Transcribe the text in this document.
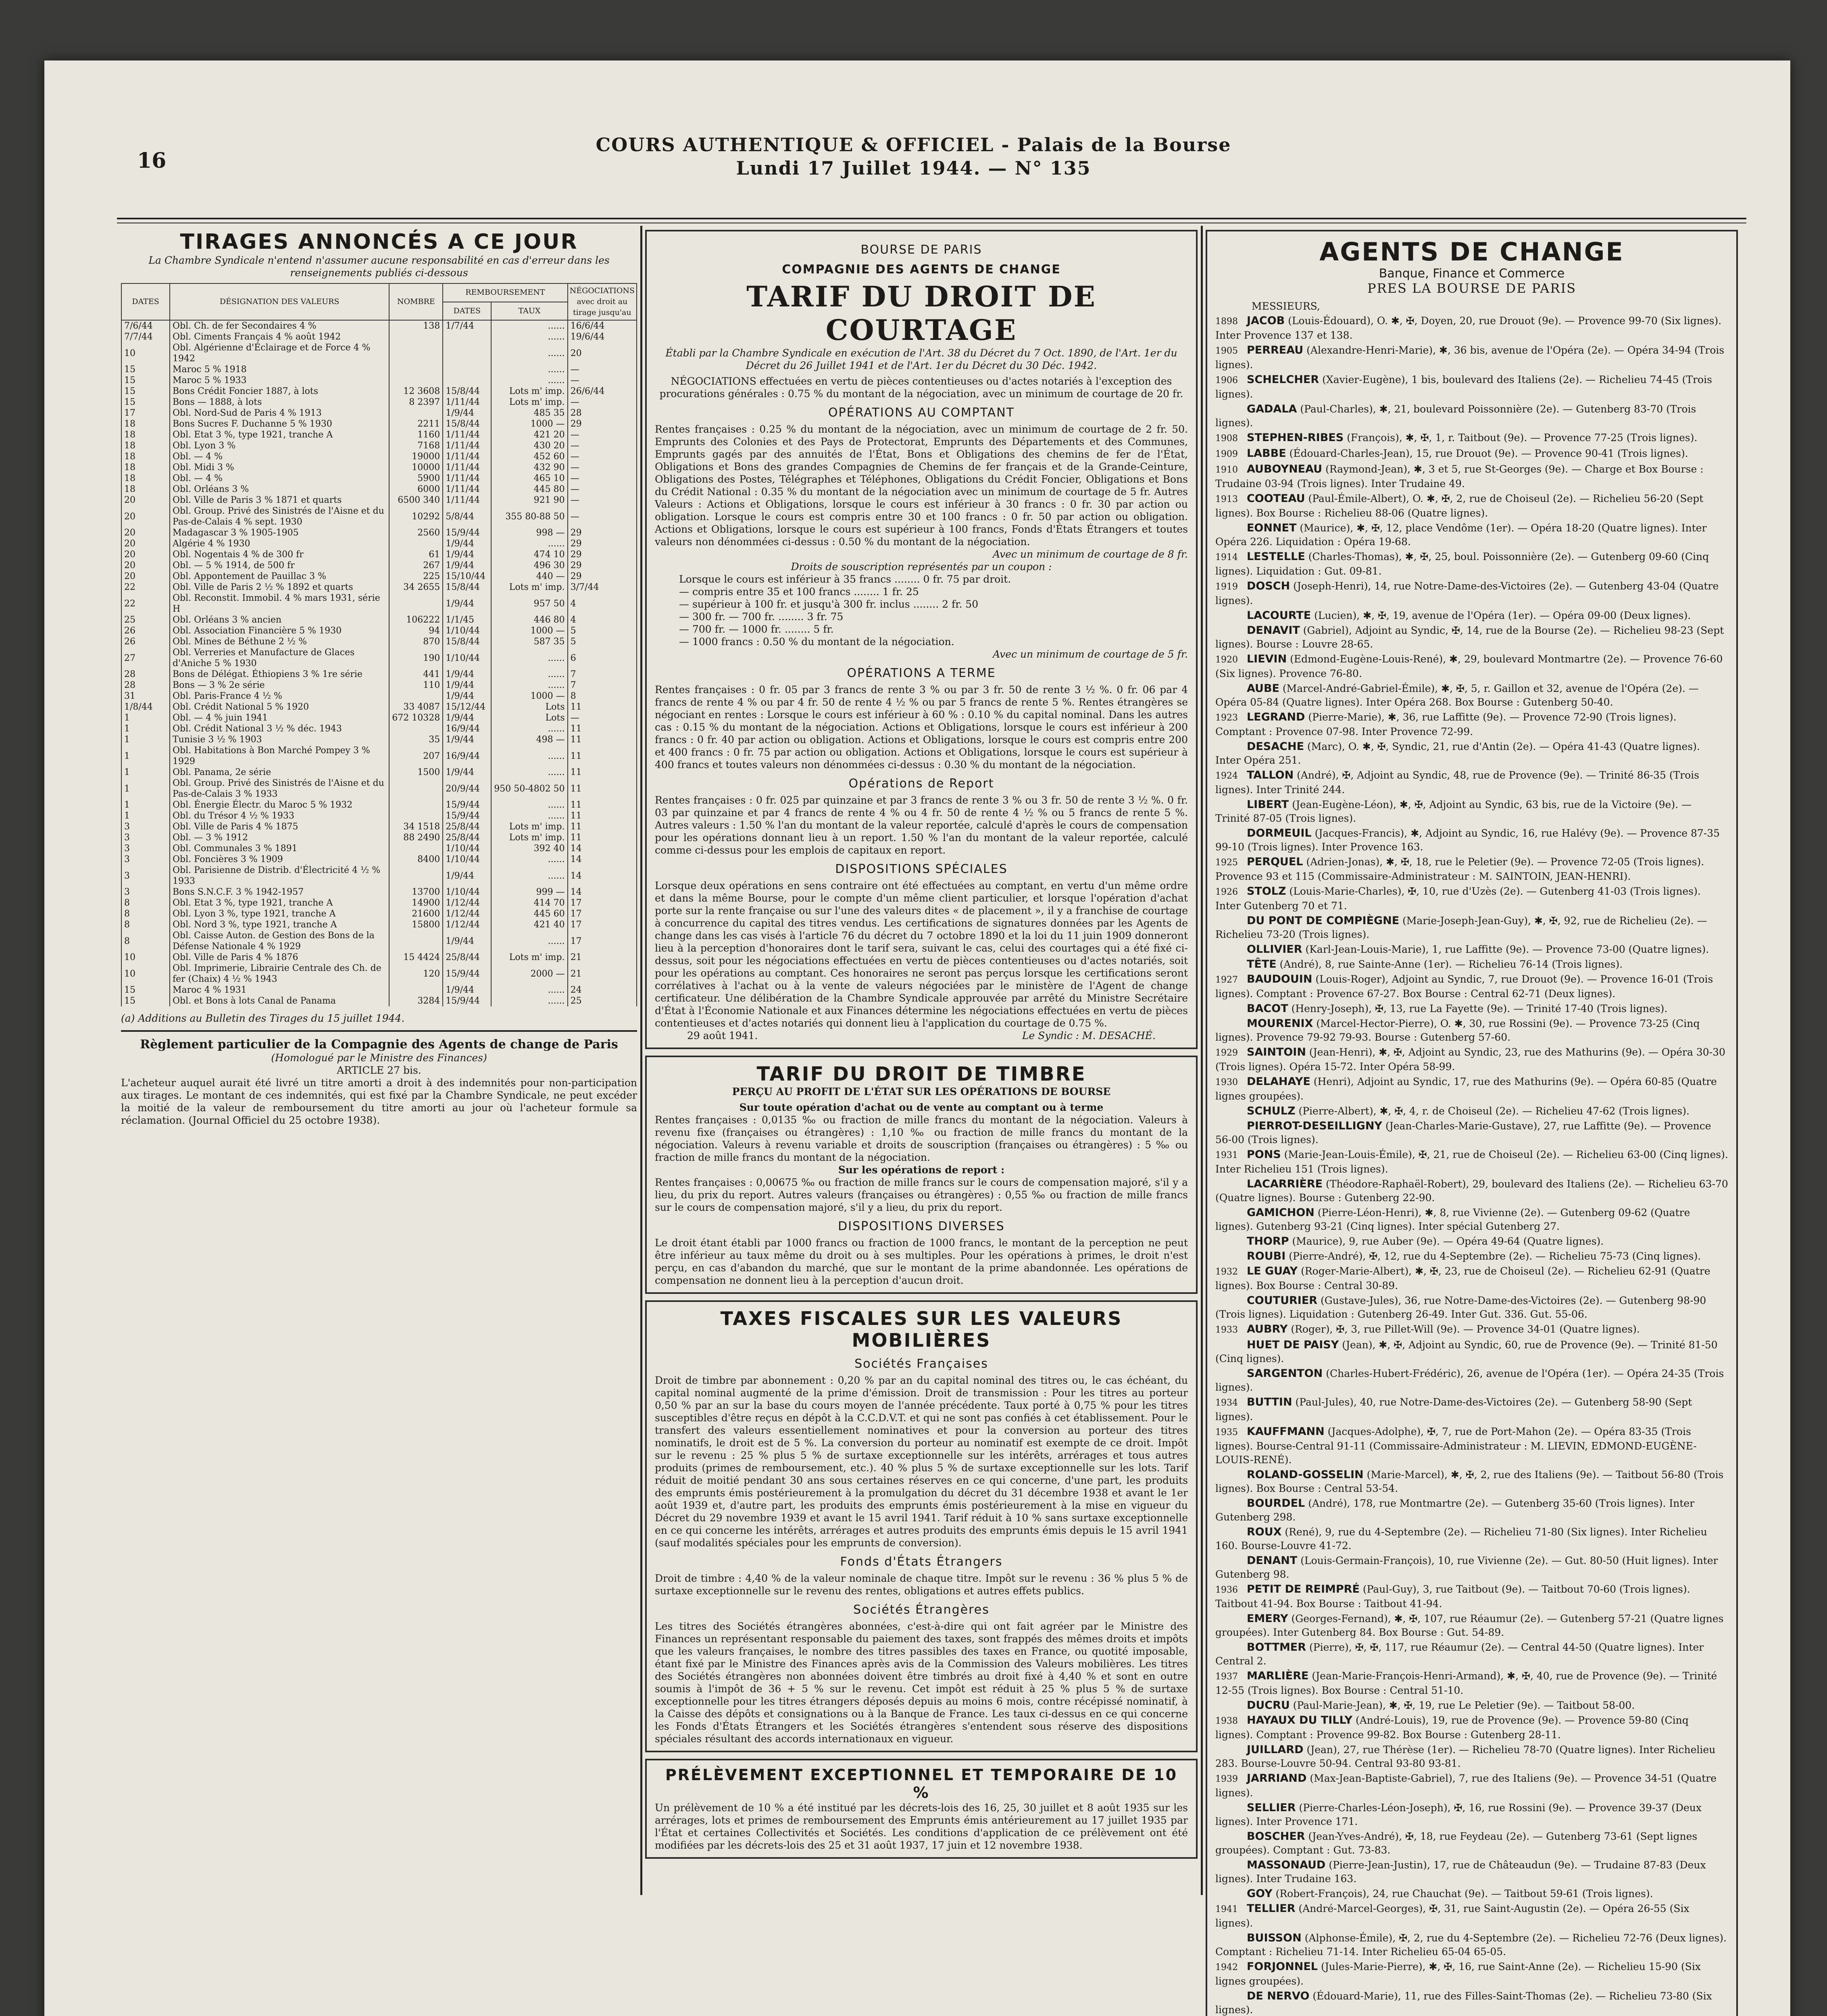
16
COURS AUTHENTIQUE & OFFICIEL - Palais de la Bourse
Lundi 17 Juillet 1944. — N° 135
TIRAGES ANNONCÉS A CE JOUR
La Chambre Syndicale n'entend n'assumer aucune responsabilité en cas d'erreur dans les renseignements publiés ci-dessous
DATES	DÉSIGNATION DES VALEURS	NOMBRE	REMBOURSEMENT		NÉGOCIATIONS avec droit au tirage jusqu'au
			DATES	TAUX	
7/6/44	Obl. Ch. de fer Secondaires 4 %	138	1/7/44	......	16/6/44
7/7/44	Obl. Ciments Français 4 % août 1942			......	19/6/44
10	Obl. Algérienne d'Éclairage et de Force 4 % 1942			......	20
15	Maroc 5 % 1918			......	—
15	Maroc 5 % 1933			......	—
15	Bons Crédit Foncier 1887, à lots	12 3608	15/8/44	Lots m' imp.	26/6/44
15	Bons — 1888, à lots	8 2397	1/11/44	Lots m' imp.	—
17	Obl. Nord-Sud de Paris 4 % 1913		1/9/44	485 35	28
18	Bons Sucres F. Duchanne 5 % 1930	2211	15/8/44	1000 —	29
18	Obl. Etat 3 %, type 1921, tranche A	1160	1/11/44	421 20	—
18	Obl. Lyon 3 %	7168	1/11/44	430 20	—
18	Obl. — 4 %	19000	1/11/44	452 60	—
18	Obl. Midi 3 %	10000	1/11/44	432 90	—
18	Obl. — 4 %	5900	1/11/44	465 10	—
18	Obl. Orléans 3 %	6000	1/11/44	445 80	—
20	Obl. Ville de Paris 3 % 1871 et quarts	6500 340	1/11/44	921 90	—
20	Obl. Group. Privé des Sinistrés de l'Aisne et du Pas-de-Calais 4 % sept. 1930	10292	5/8/44	355 80-88 50	—
20	Madagascar 3 % 1905-1905	2560	15/9/44	998 —	29
20	Algérie 4 % 1930		1/9/44	......	29
20	Obl. Nogentais 4 % de 300 fr	61	1/9/44	474 10	29
20	Obl. — 5 % 1914, de 500 fr	267	1/9/44	496 30	29
20	Obl. Appontement de Pauillac 3 %	225	15/10/44	440 —	29
22	Obl. Ville de Paris 2 ½ % 1892 et quarts	34 2655	15/8/44	Lots m' imp.	3/7/44
22	Obl. Reconstit. Immobil. 4 % mars 1931, série H		1/9/44	957 50	4
25	Obl. Orléans 3 % ancien	106222	1/1/45	446 80	4
26	Obl. Association Financière 5 % 1930	94	1/10/44	1000 —	5
26	Obl. Mines de Béthune 2 ½ %	870	15/8/44	587 35	5
27	Obl. Verreries et Manufacture de Glaces d'Aniche 5 % 1930	190	1/10/44	......	6
28	Bons de Délégat. Éthiopiens 3 % 1re série	441	1/9/44	......	7
28	Bons — 3 % 2e série	110	1/9/44	......	7
31	Obl. Paris-France 4 ½ %		1/9/44	1000 —	8
1/8/44	Obl. Crédit National 5 % 1920	33 4087	15/12/44	Lots	11
1	Obl. — 4 % juin 1941	672 10328	1/9/44	Lots	—
1	Obl. Crédit National 3 ½ % déc. 1943		16/9/44	......	11
1	Tunisie 3 ½ % 1903	35	1/9/44	498 —	11
1	Obl. Habitations à Bon Marché Pompey 3 % 1929	207	16/9/44	......	11
1	Obl. Panama, 2e série	1500	1/9/44	......	11
1	Obl. Group. Privé des Sinistrés de l'Aisne et du Pas-de-Calais 3 % 1933		20/9/44	950 50-4802 50	11
1	Obl. Énergie Électr. du Maroc 5 % 1932		15/9/44	......	11
1	Obl. du Trésor 4 ½ % 1933		15/9/44	......	11
3	Obl. Ville de Paris 4 % 1875	34 1518	25/8/44	Lots m' imp.	11
3	Obl. — 3 % 1912	88 2490	25/8/44	Lots m' imp.	11
3	Obl. Communales 3 % 1891		1/10/44	392 40	14
3	Obl. Foncières 3 % 1909	8400	1/10/44	......	14
3	Obl. Parisienne de Distrib. d'Électricité 4 ½ % 1933		1/9/44	......	14
3	Bons S.N.C.F. 3 % 1942-1957	13700	1/10/44	999 —	14
8	Obl. Etat 3 %, type 1921, tranche A	14900	1/12/44	414 70	17
8	Obl. Lyon 3 %, type 1921, tranche A	21600	1/12/44	445 60	17
8	Obl. Nord 3 %, type 1921, tranche A	15800	1/12/44	421 40	17
8	Obl. Caisse Auton. de Gestion des Bons de la Défense Nationale 4 % 1929		1/9/44	......	17
10	Obl. Ville de Paris 4 % 1876	15 4424	25/8/44	Lots m' imp.	21
10	Obl. Imprimerie, Librairie Centrale des Ch. de fer (Chaix) 4 ½ % 1943	120	15/9/44	2000 —	21
15	Maroc 4 % 1931		1/9/44	......	24
15	Obl. et Bons à lots Canal de Panama	3284	15/9/44	......	25
(a) Additions au Bulletin des Tirages du 15 juillet 1944.
Règlement particulier de la Compagnie des Agents de change de Paris
(Homologué par le Ministre des Finances)
ARTICLE 27 bis.
L'acheteur auquel aurait été livré un titre amorti a droit à des indemnités pour non-participation aux tirages. Le montant de ces indemnités, qui est fixé par la Chambre Syndicale, ne peut excéder la moitié de la valeur de remboursement du titre amorti au jour où l'acheteur formule sa réclamation. (Journal Officiel du 25 octobre 1938).
BOURSE DE PARIS
COMPAGNIE DES AGENTS DE CHANGE
TARIF DU DROIT DE COURTAGE
Établi par la Chambre Syndicale en exécution de l'Art. 38 du Décret du 7 Oct. 1890, de l'Art. 1er du Décret du 26 Juillet 1941 et de l'Art. 1er du Décret du 30 Déc. 1942.
NÉGOCIATIONS effectuées en vertu de pièces contentieuses ou d'actes notariés à l'exception des procurations générales : 0.75 % du montant de la négociation, avec un minimum de courtage de 20 fr.
OPÉRATIONS AU COMPTANT
Rentes françaises : 0.25 % du montant de la négociation, avec un minimum de courtage de 2 fr. 50. Emprunts des Colonies et des Pays de Protectorat, Emprunts des Départements et des Communes, Emprunts gagés par des annuités de l'État, Bons et Obligations des chemins de fer de l'État, Obligations et Bons des grandes Compagnies de Chemins de fer français et de la Grande-Ceinture, Obligations des Postes, Télégraphes et Téléphones, Obligations du Crédit Foncier, Obligations et Bons du Crédit National : 0.35 % du montant de la négociation avec un minimum de courtage de 5 fr. Autres Valeurs : Actions et Obligations, lorsque le cours est inférieur à 30 francs : 0 fr. 30 par action ou obligation. Lorsque le cours est compris entre 30 et 100 francs : 0 fr. 50 par action ou obligation. Actions et Obligations, lorsque le cours est supérieur à 100 francs, Fonds d'États Étrangers et toutes valeurs non dénommées ci-dessus : 0.50 % du montant de la négociation.
Avec un minimum de courtage de 8 fr.
Droits de souscription représentés par un coupon :
Lorsque le cours est inférieur à 35 francs ........ 0 fr. 75 par droit.
— compris entre 35 et 100 francs ........ 1 fr. 25
— supérieur à 100 fr. et jusqu'à 300 fr. inclus ........ 2 fr. 50
— 300 fr. — 700 fr. ........ 3 fr. 75
— 700 fr. — 1000 fr. ........ 5 fr.
— 1000 francs : 0.50 % du montant de la négociation.
Avec un minimum de courtage de 5 fr.
OPÉRATIONS A TERME
Rentes françaises : 0 fr. 05 par 3 francs de rente 3 % ou par 3 fr. 50 de rente 3 ½ %. 0 fr. 06 par 4 francs de rente 4 % ou par 4 fr. 50 de rente 4 ½ % ou par 5 francs de rente 5 %. Rentes étrangères se négociant en rentes : Lorsque le cours est inférieur à 60 % : 0.10 % du capital nominal. Dans les autres cas : 0.15 % du montant de la négociation. Actions et Obligations, lorsque le cours est inférieur à 200 francs : 0 fr. 40 par action ou obligation. Actions et Obligations, lorsque le cours est compris entre 200 et 400 francs : 0 fr. 75 par action ou obligation. Actions et Obligations, lorsque le cours est supérieur à 400 francs et toutes valeurs non dénommées ci-dessus : 0.30 % du montant de la négociation.
Opérations de Report
Rentes françaises : 0 fr. 025 par quinzaine et par 3 francs de rente 3 % ou 3 fr. 50 de rente 3 ½ %. 0 fr. 03 par quinzaine et par 4 francs de rente 4 % ou 4 fr. 50 de rente 4 ½ % ou 5 francs de rente 5 %. Autres valeurs : 1.50 % l'an du montant de la valeur reportée, calculé d'après le cours de compensation pour les opérations donnant lieu à un report. 1.50 % l'an du montant de la valeur reportée, calculé comme ci-dessus pour les emplois de capitaux en report.
DISPOSITIONS SPÉCIALES
Lorsque deux opérations en sens contraire ont été effectuées au comptant, en vertu d'un même ordre et dans la même Bourse, pour le compte d'un même client particulier, et lorsque l'opération d'achat porte sur la rente française ou sur l'une des valeurs dites « de placement », il y a franchise de courtage à concurrence du capital des titres vendus. Les certifications de signatures données par les Agents de change dans les cas visés à l'article 76 du décret du 7 octobre 1890 et la loi du 11 juin 1909 donneront lieu à la perception d'honoraires dont le tarif sera, suivant le cas, celui des courtages qui a été fixé ci-dessus, soit pour les négociations effectuées en vertu de pièces contentieuses ou d'actes notariés, soit pour les opérations au comptant. Ces honoraires ne seront pas perçus lorsque les certifications seront corrélatives à l'achat ou à la vente de valeurs négociées par le ministère de l'Agent de change certificateur. Une délibération de la Chambre Syndicale approuvée par arrêté du Ministre Secrétaire d'État à l'Économie Nationale et aux Finances détermine les négociations effectuées en vertu de pièces contentieuses et d'actes notariés qui donnent lieu à l'application du courtage de 0.75 %.
29 août 1941.	Le Syndic : M. DESACHÉ.
TARIF DU DROIT DE TIMBRE
PERÇU AU PROFIT DE L'ÉTAT SUR LES OPÉRATIONS DE BOURSE
Sur toute opération d'achat ou de vente au comptant ou à terme
Rentes françaises : 0,0135 ‰ ou fraction de mille francs du montant de la négociation. Valeurs à revenu fixe (françaises ou étrangères) : 1,10 ‰ ou fraction de mille francs du montant de la négociation. Valeurs à revenu variable et droits de souscription (françaises ou étrangères) : 5 ‰ ou fraction de mille francs du montant de la négociation.
Sur les opérations de report :
Rentes françaises : 0,00675 ‰ ou fraction de mille francs sur le cours de compensation majoré, s'il y a lieu, du prix du report. Autres valeurs (françaises ou étrangères) : 0,55 ‰ ou fraction de mille francs sur le cours de compensation majoré, s'il y a lieu, du prix du report.
DISPOSITIONS DIVERSES
Le droit étant établi par 1000 francs ou fraction de 1000 francs, le montant de la perception ne peut être inférieur au taux même du droit ou à ses multiples. Pour les opérations à primes, le droit n'est perçu, en cas d'abandon du marché, que sur le montant de la prime abandonnée. Les opérations de compensation ne donnent lieu à la perception d'aucun droit.
TAXES FISCALES SUR LES VALEURS MOBILIÈRES
Sociétés Françaises
Droit de timbre par abonnement : 0,20 % par an du capital nominal des titres ou, le cas échéant, du capital nominal augmenté de la prime d'émission. Droit de transmission : Pour les titres au porteur 0,50 % par an sur la base du cours moyen de l'année précédente. Taux porté à 0,75 % pour les titres susceptibles d'être reçus en dépôt à la C.C.D.V.T. et qui ne sont pas confiés à cet établissement. Pour le transfert des valeurs essentiellement nominatives et pour la conversion au porteur des titres nominatifs, le droit est de 5 %. La conversion du porteur au nominatif est exempte de ce droit. Impôt sur le revenu : 25 % plus 5 % de surtaxe exceptionnelle sur les intérêts, arrérages et tous autres produits (primes de remboursement, etc.). 40 % plus 5 % de surtaxe exceptionnelle sur les lots. Tarif réduit de moitié pendant 30 ans sous certaines réserves en ce qui concerne, d'une part, les produits des emprunts émis postérieurement à la promulgation du décret du 31 décembre 1938 et avant le 1er août 1939 et, d'autre part, les produits des emprunts émis postérieurement à la mise en vigueur du Décret du 29 novembre 1939 et avant le 15 avril 1941. Tarif réduit à 10 % sans surtaxe exceptionnelle en ce qui concerne les intérêts, arrérages et autres produits des emprunts émis depuis le 15 avril 1941 (sauf modalités spéciales pour les emprunts de conversion).
Fonds d'États Étrangers
Droit de timbre : 4,40 % de la valeur nominale de chaque titre. Impôt sur le revenu : 36 % plus 5 % de surtaxe exceptionnelle sur le revenu des rentes, obligations et autres effets publics.
Sociétés Étrangères
Les titres des Sociétés étrangères abonnées, c'est-à-dire qui ont fait agréer par le Ministre des Finances un représentant responsable du paiement des taxes, sont frappés des mêmes droits et impôts que les valeurs françaises, le nombre des titres passibles des taxes en France, ou quotité imposable, étant fixé par le Ministre des Finances après avis de la Commission des Valeurs mobilières. Les titres des Sociétés étrangères non abonnées doivent être timbrés au droit fixé à 4,40 % et sont en outre soumis à l'impôt de 36 + 5 % sur le revenu. Cet impôt est réduit à 25 % plus 5 % de surtaxe exceptionnelle pour les titres étrangers déposés depuis au moins 6 mois, contre récépissé nominatif, à la Caisse des dépôts et consignations ou à la Banque de France. Les taux ci-dessus en ce qui concerne les Fonds d'États Étrangers et les Sociétés étrangères s'entendent sous réserve des dispositions spéciales résultant des accords internationaux en vigueur.
PRÉLÈVEMENT EXCEPTIONNEL ET TEMPORAIRE DE 10 %
Un prélèvement de 10 % a été institué par les décrets-lois des 16, 25, 30 juillet et 8 août 1935 sur les arrérages, lots et primes de remboursement des Emprunts émis antérieurement au 17 juillet 1935 par l'État et certaines Collectivités et Sociétés. Les conditions d'application de ce prélèvement ont été modifiées par les décrets-lois des 25 et 31 août 1937, 17 juin et 12 novembre 1938.
AGENTS DE CHANGE
Banque, Finance et Commerce
PRES LA BOURSE DE PARIS
MESSIEURS,
1898 JACOB (Louis-Édouard), O. ✱, ✠, Doyen, 20, rue Drouot (9e). — Provence 99-70 (Six lignes). Inter Provence 137 et 138.
1905 PERREAU (Alexandre-Henri-Marie), ✱, 36 bis, avenue de l'Opéra (2e). — Opéra 34-94 (Trois lignes).
1906 SCHELCHER (Xavier-Eugène), 1 bis, boulevard des Italiens (2e). — Richelieu 74-45 (Trois lignes).
GADALA (Paul-Charles), ✱, 21, boulevard Poissonnière (2e). — Gutenberg 83-70 (Trois lignes).
1908 STEPHEN-RIBES (François), ✱, ✠, 1, r. Taitbout (9e). — Provence 77-25 (Trois lignes).
1909 LABBE (Édouard-Charles-Jean), 15, rue Drouot (9e). — Provence 90-41 (Trois lignes).
1910 AUBOYNEAU (Raymond-Jean), ✱, 3 et 5, rue St-Georges (9e). — Charge et Box Bourse : Trudaine 03-94 (Trois lignes). Inter Trudaine 49.
1913 COOTEAU (Paul-Émile-Albert), O. ✱, ✠, 2, rue de Choiseul (2e). — Richelieu 56-20 (Sept lignes). Box Bourse : Richelieu 88-06 (Quatre lignes).
EONNET (Maurice), ✱, ✠, 12, place Vendôme (1er). — Opéra 18-20 (Quatre lignes). Inter Opéra 226. Liquidation : Opéra 19-68.
1914 LESTELLE (Charles-Thomas), ✱, ✠, 25, boul. Poissonnière (2e). — Gutenberg 09-60 (Cinq lignes). Liquidation : Gut. 09-81.
1919 DOSCH (Joseph-Henri), 14, rue Notre-Dame-des-Victoires (2e). — Gutenberg 43-04 (Quatre lignes).
LACOURTE (Lucien), ✱, ✠, 19, avenue de l'Opéra (1er). — Opéra 09-00 (Deux lignes).
DENAVIT (Gabriel), Adjoint au Syndic, ✠, 14, rue de la Bourse (2e). — Richelieu 98-23 (Sept lignes). Bourse : Louvre 28-65.
1920 LIEVIN (Edmond-Eugène-Louis-René), ✱, 29, boulevard Montmartre (2e). — Provence 76-60 (Six lignes). Provence 76-80.
AUBE (Marcel-André-Gabriel-Émile), ✱, ✠, 5, r. Gaillon et 32, avenue de l'Opéra (2e). — Opéra 05-84 (Quatre lignes). Inter Opéra 268. Box Bourse : Gutenberg 50-40.
1923 LEGRAND (Pierre-Marie), ✱, 36, rue Laffitte (9e). — Provence 72-90 (Trois lignes). Comptant : Provence 07-98. Inter Provence 72-99.
DESACHE (Marc), O. ✱, ✠, Syndic, 21, rue d'Antin (2e). — Opéra 41-43 (Quatre lignes). Inter Opéra 251.
1924 TALLON (André), ✠, Adjoint au Syndic, 48, rue de Provence (9e). — Trinité 86-35 (Trois lignes). Inter Trinité 244.
LIBERT (Jean-Eugène-Léon), ✱, ✠, Adjoint au Syndic, 63 bis, rue de la Victoire (9e). — Trinité 87-05 (Trois lignes).
DORMEUIL (Jacques-Francis), ✱, Adjoint au Syndic, 16, rue Halévy (9e). — Provence 87-35 99-10 (Trois lignes). Inter Provence 163.
1925 PERQUEL (Adrien-Jonas), ✱, ✠, 18, rue le Peletier (9e). — Provence 72-05 (Trois lignes). Provence 93 et 115 (Commissaire-Administrateur : M. SAINTOIN, JEAN-HENRI).
1926 STOLZ (Louis-Marie-Charles), ✠, 10, rue d'Uzès (2e). — Gutenberg 41-03 (Trois lignes). Inter Gutenberg 70 et 71.
DU PONT DE COMPIÈGNE (Marie-Joseph-Jean-Guy), ✱, ✠, 92, rue de Richelieu (2e). — Richelieu 73-20 (Trois lignes).
OLLIVIER (Karl-Jean-Louis-Marie), 1, rue Laffitte (9e). — Provence 73-00 (Quatre lignes).
TÊTE (André), 8, rue Sainte-Anne (1er). — Richelieu 76-14 (Trois lignes).
1927 BAUDOUIN (Louis-Roger), Adjoint au Syndic, 7, rue Drouot (9e). — Provence 16-01 (Trois lignes). Comptant : Provence 67-27. Box Bourse : Central 62-71 (Deux lignes).
BACOT (Henry-Joseph), ✠, 13, rue La Fayette (9e). — Trinité 17-40 (Trois lignes).
MOURENIX (Marcel-Hector-Pierre), O. ✱, 30, rue Rossini (9e). — Provence 73-25 (Cinq lignes). Provence 79-92 79-93. Bourse : Gutenberg 57-60.
1929 SAINTOIN (Jean-Henri), ✱, ✠, Adjoint au Syndic, 23, rue des Mathurins (9e). — Opéra 30-30 (Trois lignes). Opéra 15-72. Inter Opéra 58-99.
1930 DELAHAYE (Henri), Adjoint au Syndic, 17, rue des Mathurins (9e). — Opéra 60-85 (Quatre lignes groupées).
SCHULZ (Pierre-Albert), ✱, ✠, 4, r. de Choiseul (2e). — Richelieu 47-62 (Trois lignes).
PIERROT-DESEILLIGNY (Jean-Charles-Marie-Gustave), 27, rue Laffitte (9e). — Provence 56-00 (Trois lignes).
1931 PONS (Marie-Jean-Louis-Émile), ✠, 21, rue de Choiseul (2e). — Richelieu 63-00 (Cinq lignes). Inter Richelieu 151 (Trois lignes).
LACARRIÈRE (Théodore-Raphaël-Robert), 29, boulevard des Italiens (2e). — Richelieu 63-70 (Quatre lignes). Bourse : Gutenberg 22-90.
GAMICHON (Pierre-Léon-Henri), ✱, 8, rue Vivienne (2e). — Gutenberg 09-62 (Quatre lignes). Gutenberg 93-21 (Cinq lignes). Inter spécial Gutenberg 27.
THORP (Maurice), 9, rue Auber (9e). — Opéra 49-64 (Quatre lignes).
ROUBI (Pierre-André), ✠, 12, rue du 4-Septembre (2e). — Richelieu 75-73 (Cinq lignes).
1932 LE GUAY (Roger-Marie-Albert), ✱, ✠, 23, rue de Choiseul (2e). — Richelieu 62-91 (Quatre lignes). Box Bourse : Central 30-89.
COUTURIER (Gustave-Jules), 36, rue Notre-Dame-des-Victoires (2e). — Gutenberg 98-90 (Trois lignes). Liquidation : Gutenberg 26-49. Inter Gut. 336. Gut. 55-06.
1933 AUBRY (Roger), ✠, 3, rue Pillet-Will (9e). — Provence 34-01 (Quatre lignes).
HUET DE PAISY (Jean), ✱, ✠, Adjoint au Syndic, 60, rue de Provence (9e). — Trinité 81-50 (Cinq lignes).
SARGENTON (Charles-Hubert-Frédéric), 26, avenue de l'Opéra (1er). — Opéra 24-35 (Trois lignes).
1934 BUTTIN (Paul-Jules), 40, rue Notre-Dame-des-Victoires (2e). — Gutenberg 58-90 (Sept lignes).
1935 KAUFFMANN (Jacques-Adolphe), ✠, 7, rue de Port-Mahon (2e). — Opéra 83-35 (Trois lignes). Bourse-Central 91-11 (Commissaire-Administrateur : M. LIEVIN, EDMOND-EUGÈNE-LOUIS-RENÉ).
ROLAND-GOSSELIN (Marie-Marcel), ✱, ✠, 2, rue des Italiens (9e). — Taitbout 56-80 (Trois lignes). Box Bourse : Central 53-54.
BOURDEL (André), 178, rue Montmartre (2e). — Gutenberg 35-60 (Trois lignes). Inter Gutenberg 298.
ROUX (René), 9, rue du 4-Septembre (2e). — Richelieu 71-80 (Six lignes). Inter Richelieu 160. Bourse-Louvre 41-72.
DENANT (Louis-Germain-François), 10, rue Vivienne (2e). — Gut. 80-50 (Huit lignes). Inter Gutenberg 98.
1936 PETIT DE REIMPRÉ (Paul-Guy), 3, rue Taitbout (9e). — Taitbout 70-60 (Trois lignes). Taitbout 41-94. Box Bourse : Taitbout 41-94.
EMERY (Georges-Fernand), ✱, ✠, 107, rue Réaumur (2e). — Gutenberg 57-21 (Quatre lignes groupées). Inter Gutenberg 84. Box Bourse : Gut. 54-89.
BOTTMER (Pierre), ✠, ✠, 117, rue Réaumur (2e). — Central 44-50 (Quatre lignes). Inter Central 2.
1937 MARLIÈRE (Jean-Marie-François-Henri-Armand), ✱, ✠, 40, rue de Provence (9e). — Trinité 12-55 (Trois lignes). Box Bourse : Central 51-10.
DUCRU (Paul-Marie-Jean), ✱, ✠, 19, rue Le Peletier (9e). — Taitbout 58-00.
1938 HAYAUX DU TILLY (André-Louis), 19, rue de Provence (9e). — Provence 59-80 (Cinq lignes). Comptant : Provence 99-82. Box Bourse : Gutenberg 28-11.
JUILLARD (Jean), 27, rue Thérèse (1er). — Richelieu 78-70 (Quatre lignes). Inter Richelieu 283. Bourse-Louvre 50-94. Central 93-80 93-81.
1939 JARRIAND (Max-Jean-Baptiste-Gabriel), 7, rue des Italiens (9e). — Provence 34-51 (Quatre lignes).
SELLIER (Pierre-Charles-Léon-Joseph), ✠, 16, rue Rossini (9e). — Provence 39-37 (Deux lignes). Inter Provence 171.
BOSCHER (Jean-Yves-André), ✠, 18, rue Feydeau (2e). — Gutenberg 73-61 (Sept lignes groupées). Comptant : Gut. 73-83.
MASSONAUD (Pierre-Jean-Justin), 17, rue de Châteaudun (9e). — Trudaine 87-83 (Deux lignes). Inter Trudaine 163.
GOY (Robert-François), 24, rue Chauchat (9e). — Taitbout 59-61 (Trois lignes).
1941 TELLIER (André-Marcel-Georges), ✠, 31, rue Saint-Augustin (2e). — Opéra 26-55 (Six lignes).
BUISSON (Alphonse-Émile), ✠, 2, rue du 4-Septembre (2e). — Richelieu 72-76 (Deux lignes). Comptant : Richelieu 71-14. Inter Richelieu 65-04 65-05.
1942 FORJONNEL (Jules-Marie-Pierre), ✱, ✠, 16, rue Saint-Anne (2e). — Richelieu 15-90 (Six lignes groupées).
DE NERVO (Édouard-Marie), 11, rue des Filles-Saint-Thomas (2e). — Richelieu 73-80 (Six lignes).
